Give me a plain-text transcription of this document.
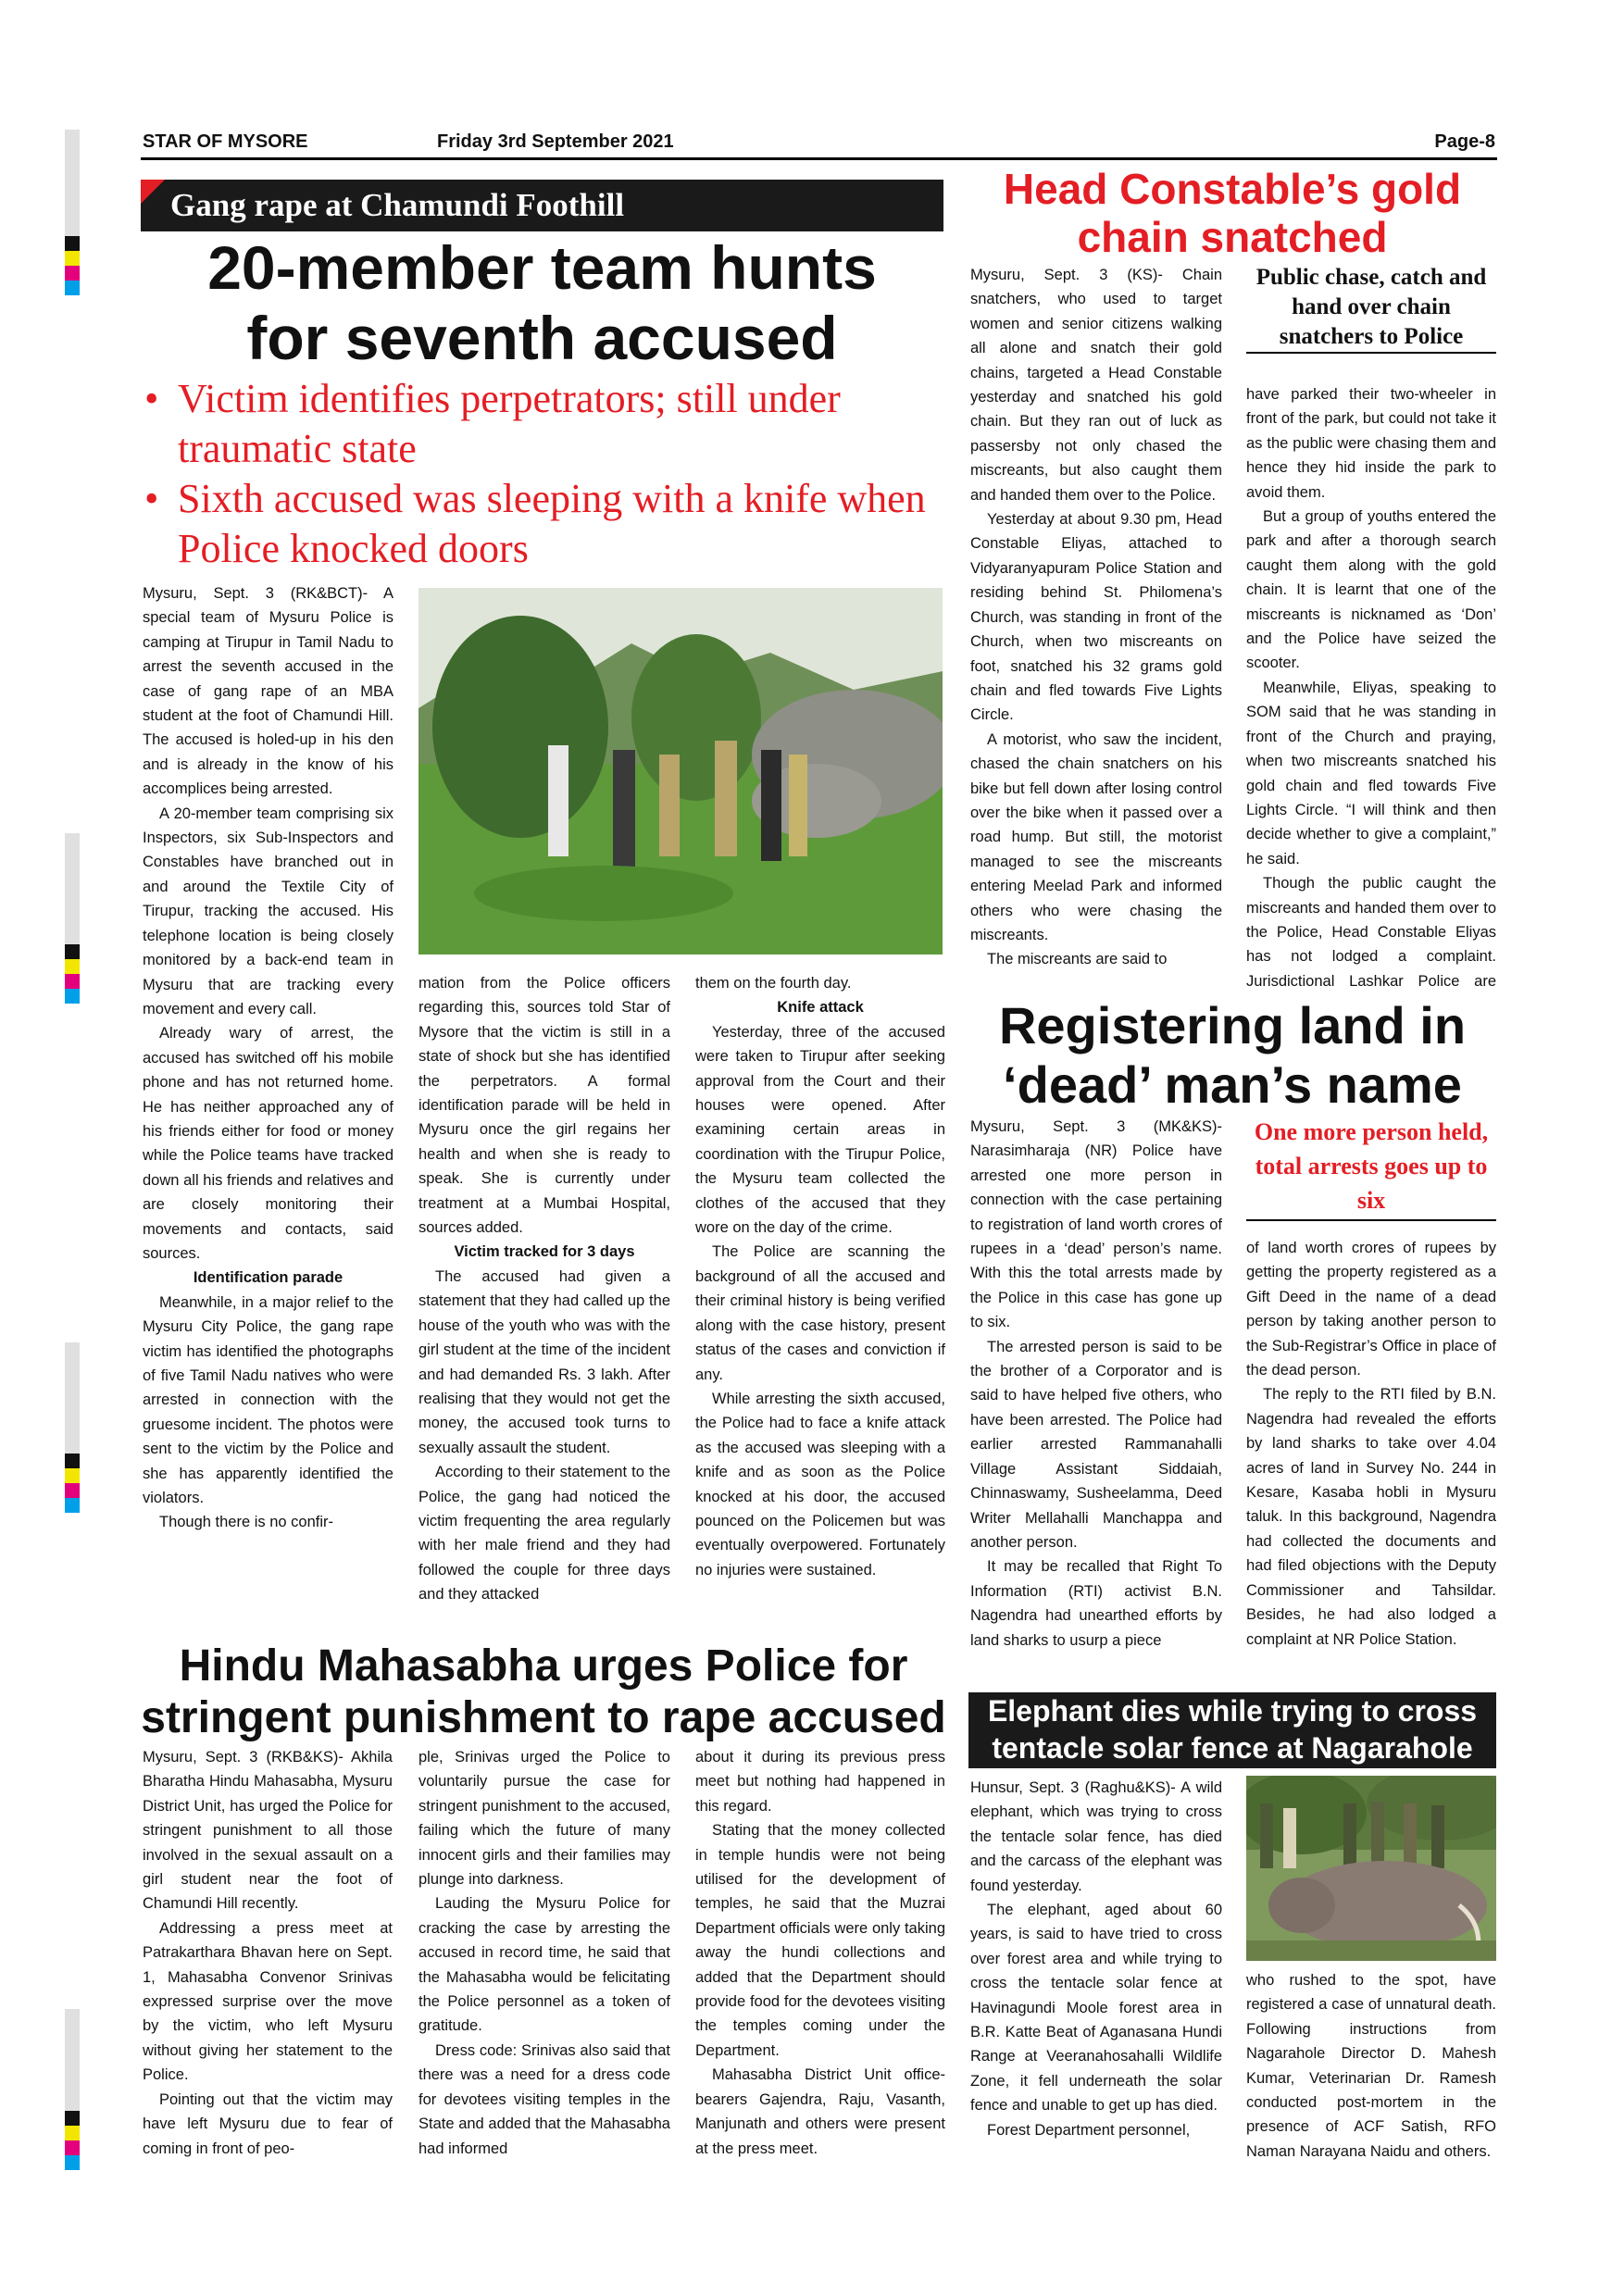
STAR OF MYSORE	Friday 3rd September 2021	Page-8
Gang rape at Chamundi Foothill
20-member team hunts
for seventh accused
• Victim identifies perpetrators; still under traumatic state
• Sixth accused was sleeping with a knife when Police knocked doors

Mysuru, Sept. 3 (RK&BCT)- A special team of Mysuru Police is camping at Tirupur in Tamil Nadu to arrest the seventh accused in the case of gang rape of an MBA student at the foot of Chamundi Hill. The accused is holed-up in his den and is already in the know of his accomplices being arrested.

A 20-member team comprising six Inspectors, six Sub-Inspectors and Constables have branched out in and around the Textile City of Tirupur, tracking the accused. His telephone location is being closely monitored by a back-end team in Mysuru that are tracking every movement and every call.

Already wary of arrest, the accused has switched off his mobile phone and has not returned home. He has neither approached any of his friends either for food or money while the Police teams have tracked down all his friends and relatives and are closely monitoring their movements and contacts, said sources.

Identification parade

Meanwhile, in a major relief to the Mysuru City Police, the gang rape victim has identified the photographs of five Tamil Nadu natives who were arrested in connection with the gruesome incident. The photos were sent to the victim by the Police and she has apparently identified the violators.

Though there is no confir-

mation from the Police officers regarding this, sources told Star of Mysore that the victim is still in a state of shock but she has identified the perpetrators. A formal identification parade will be held in Mysuru once the girl regains her health and when she is ready to speak. She is currently under treatment at a Mumbai Hospital, sources added.

Victim tracked for 3 days

The accused had given a statement that they had called up the house of the youth who was with the girl student at the time of the incident and had demanded Rs. 3 lakh. After realising that they would not get the money, the accused took turns to sexually assault the student.

According to their statement to the Police, the gang had noticed the victim frequenting the area regularly with her male friend and they had followed the couple for three days and they attacked

them on the fourth day.

Knife attack

Yesterday, three of the accused were taken to Tirupur after seeking approval from the Court and their houses were opened. After examining certain areas in coordination with the Tirupur Police, the Mysuru team collected the clothes of the accused that they wore on the day of the crime.

The Police are scanning the background of all the accused and their criminal history is being verified along with the case history, present status of the cases and conviction if any.

While arresting the sixth accused, the Police had to face a knife attack as the accused was sleeping with a knife and as soon as the Police knocked at his door, the accused pounced on the Policemen but was eventually overpowered. Fortunately no injuries were sustained.

Hindu Mahasabha urges Police for
stringent punishment to rape accused

Mysuru, Sept. 3 (RKB&KS)- Akhila Bharatha Hindu Mahasabha, Mysuru District Unit, has urged the Police for stringent punishment to all those involved in the sexual assault on a girl student near the foot of Chamundi Hill recently.

Addressing a press meet at Patrakarthara Bhavan here on Sept. 1, Mahasabha Convenor Srinivas expressed surprise over the move by the victim, who left Mysuru without giving her statement to the Police.

Pointing out that the victim may have left Mysuru due to fear of coming in front of peo-

ple, Srinivas urged the Police to voluntarily pursue the case for stringent punishment to the accused, failing which the future of many innocent girls and their families may plunge into darkness.

Lauding the Mysuru Police for cracking the case by arresting the accused in record time, he said that the Mahasabha would be felicitating the Police personnel as a token of gratitude.

Dress code: Srinivas also said that there was a need for a dress code for devotees visiting temples in the State and added that the Mahasabha had informed

about it during its previous press meet but nothing had happened in this regard.

Stating that the money collected in temple hundis were not being utilised for the development of temples, he said that the Muzrai Department officials were only taking away the hundi collections and added that the Department should provide food for the devotees visiting the temples coming under the Department.

Mahasabha District Unit office-bearers Gajendra, Raju, Vasanth, Manjunath and others were present at the press meet.

Head Constable’s gold
chain snatched

Mysuru, Sept. 3 (KS)- Chain snatchers, who used to target women and senior citizens walking all alone and snatch their gold chains, targeted a Head Constable yesterday and snatched his gold chain. But they ran out of luck as passersby not only chased the miscreants, but also caught them and handed them over to the Police.

Yesterday at about 9.30 pm, Head Constable Eliyas, attached to Vidyaranyapuram Police Station and residing behind St. Philomena’s Church, was standing in front of the Church, when two miscreants on foot, snatched his 32 grams gold chain and fled towards Five Lights Circle.

A motorist, who saw the incident, chased the chain snatchers on his bike but fell down after losing control over the bike when it passed over a road hump. But still, the motorist managed to see the miscreants entering Meelad Park and informed others who were chasing the miscreants.

The miscreants are said to

Public chase, catch and hand over chain snatchers to Police

have parked their two-wheeler in front of the park, but could not take it as the public were chasing them and hence they hid inside the park to avoid them.

But a group of youths entered the park and after a thorough search caught them along with the gold chain. It is learnt that one of the miscreants is nicknamed as ‘Don’ and the Police have seized the scooter.

Meanwhile, Eliyas, speaking to SOM said that he was standing in front of the Church and praying, when two miscreants snatched his gold chain and fled towards Five Lights Circle. “I will think and then decide whether to give a complaint,” he said.

Though the public caught the miscreants and handed them over to the Police, Head Constable Eliyas has not lodged a complaint. Jurisdictional Lashkar Police are

Registering land in
‘dead’ man’s name

Mysuru, Sept. 3 (MK&KS)- Narasimharaja (NR) Police have arrested one more person in connection with the case pertaining to registration of land worth crores of rupees in a ‘dead’ person’s name. With this the total arrests made by the Police in this case has gone up to six.

The arrested person is said to be the brother of a Corporator and is said to have helped five others, who have been arrested. The Police had earlier arrested Rammanahalli Village Assistant Siddaiah, Chinnaswamy, Susheelamma, Deed Writer Mellahalli Manchappa and another person.

It may be recalled that Right To Information (RTI) activist B.N. Nagendra had unearthed efforts by land sharks to usurp a piece

One more person held, total arrests goes up to six

of land worth crores of rupees by getting the property registered as a Gift Deed in the name of a dead person by taking another person to the Sub-Registrar’s Office in place of the dead person.

The reply to the RTI filed by B.N. Nagendra had revealed the efforts by land sharks to take over 4.04 acres of land in Survey No. 244 in Kesare, Kasaba hobli in Mysuru taluk. In this background, Nagendra had collected the documents and had filed objections with the Deputy Commissioner and Tahsildar. Besides, he had also lodged a complaint at NR Police Station.

Elephant dies while trying to cross
tentacle solar fence at Nagarahole

Hunsur, Sept. 3 (Raghu&KS)- A wild elephant, which was trying to cross the tentacle solar fence, has died and the carcass of the elephant was found yesterday.

The elephant, aged about 60 years, is said to have tried to cross over forest area and while trying to cross the tentacle solar fence at Havinagundi Moole forest area in B.R. Katte Beat of Aganasana Hundi Range at Veeranahosahalli Wildlife Zone, it fell underneath the solar fence and unable to get up has died.

Forest Department personnel,

who rushed to the spot, have registered a case of unnatural death. Following instructions from Nagarahole Director D. Mahesh Kumar, Veterinarian Dr. Ramesh conducted post-mortem in the presence of ACF Satish, RFO Naman Narayana Naidu and others.
